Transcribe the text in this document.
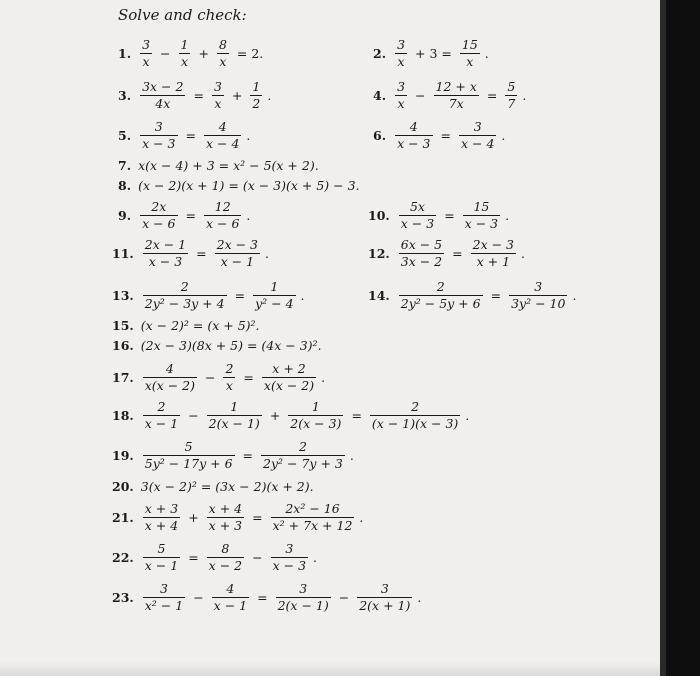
Solve and check:
1. $\frac{3}{x} - \frac{1}{x} + \frac{8}{x} = 2$.	2. $\frac{3}{x} + 3 = \frac{15}{x}$ .
3. $\frac{3x - 2}{4x} = \frac{3}{x} + \frac{1}{2}$ .	4. $\frac{3}{x} - \frac{12 + x}{7x} = \frac{5}{7}$ .
5. $\frac{3}{x - 3} = \frac{4}{x - 4}$ .	6. $\frac{4}{x - 3} = \frac{3}{x - 4}$ .
7. x(x − 4) + 3 = x² − 5(x + 2).
8. (x − 2)(x + 1) = (x − 3)(x + 5) − 3.
9. $\frac{2x}{x - 6} = \frac{12}{x - 6}$ .	10. $\frac{5x}{x - 3} = \frac{15}{x - 3}$ .
11. $\frac{2x - 1}{x - 3} = \frac{2x - 3}{x - 1}$ .	12. $\frac{6x - 5}{3x - 2} = \frac{2x - 3}{x + 1}$ .
13. $\frac{2}{\text{2y² − 3y + 4}} = \frac{1}{\text{y² − 4}}$ .	14. $\frac{2}{\text{2y² − 5y + 6}} = \frac{3}{\text{3y² − 10}}$ .
15. (x − 2)² = (x + 5)².
16. (2x − 3)(8x + 5) = (4x − 3)².
17. $\frac{4}{x(x - 2)} - \frac{2}{x} = \frac{x + 2}{x(x - 2)}$ .
18. $\frac{2}{x - 1} - \frac{1}{2(x - 1)} + \frac{1}{2(x - 3)} = \frac{2}{(x - 1)(x - 3)}$ .
19. $\frac{5}{\text{5y² − 17y + 6}} = \frac{2}{\text{2y² − 7y + 3}}$ .
20. 3(x − 2)² = (3x − 2)(x + 2).
21. $\frac{x + 3}{x + 4} + \frac{x + 4}{x + 3} = \frac{\text{2x² − 16}}{\text{x² + 7x + 12}}$ .
22. $\frac{5}{x - 1} = \frac{8}{x - 2} - \frac{3}{x - 3}$ .
23. $\frac{3}{\text{x² − 1}} - \frac{4}{x - 1} = \frac{3}{2(x - 1)} - \frac{3}{2(x + 1)}$ .
